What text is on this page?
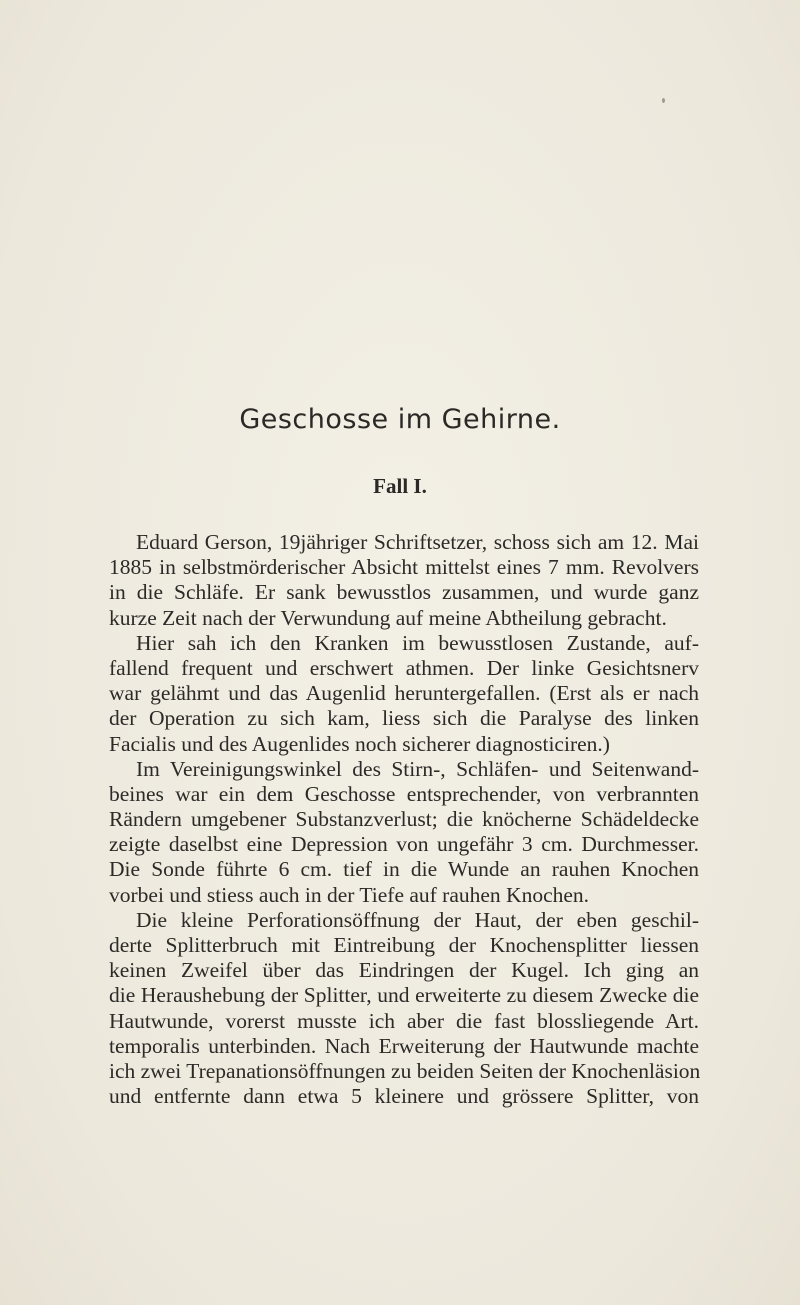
Geschosse im Gehirne.
Fall I.
Eduard Gerson, 19jähriger Schriftsetzer, schoss sich am 12. Mai
1885 in selbstmörderischer Absicht mittelst eines 7 mm. Revolvers
in die Schläfe. Er sank bewusstlos zusammen, und wurde ganz
kurze Zeit nach der Verwundung auf meine Abtheilung gebracht.
Hier sah ich den Kranken im bewusstlosen Zustande, auf-
fallend frequent und erschwert athmen. Der linke Gesichtsnerv
war gelähmt und das Augenlid heruntergefallen. (Erst als er nach
der Operation zu sich kam, liess sich die Paralyse des linken
Facialis und des Augenlides noch sicherer diagnosticiren.)
Im Vereinigungswinkel des Stirn-, Schläfen- und Seitenwand-
beines war ein dem Geschosse entsprechender, von verbrannten
Rändern umgebener Substanzverlust; die knöcherne Schädeldecke
zeigte daselbst eine Depression von ungefähr 3 cm. Durchmesser.
Die Sonde führte 6 cm. tief in die Wunde an rauhen Knochen
vorbei und stiess auch in der Tiefe auf rauhen Knochen.
Die kleine Perforationsöffnung der Haut, der eben geschil-
derte Splitterbruch mit Eintreibung der Knochensplitter liessen
keinen Zweifel über das Eindringen der Kugel. Ich ging an
die Heraushebung der Splitter, und erweiterte zu diesem Zwecke die
Hautwunde, vorerst musste ich aber die fast blossliegende Art.
temporalis unterbinden. Nach Erweiterung der Hautwunde machte
ich zwei Trepanationsöffnungen zu beiden Seiten der Knochenläsion
und entfernte dann etwa 5 kleinere und grössere Splitter, von
